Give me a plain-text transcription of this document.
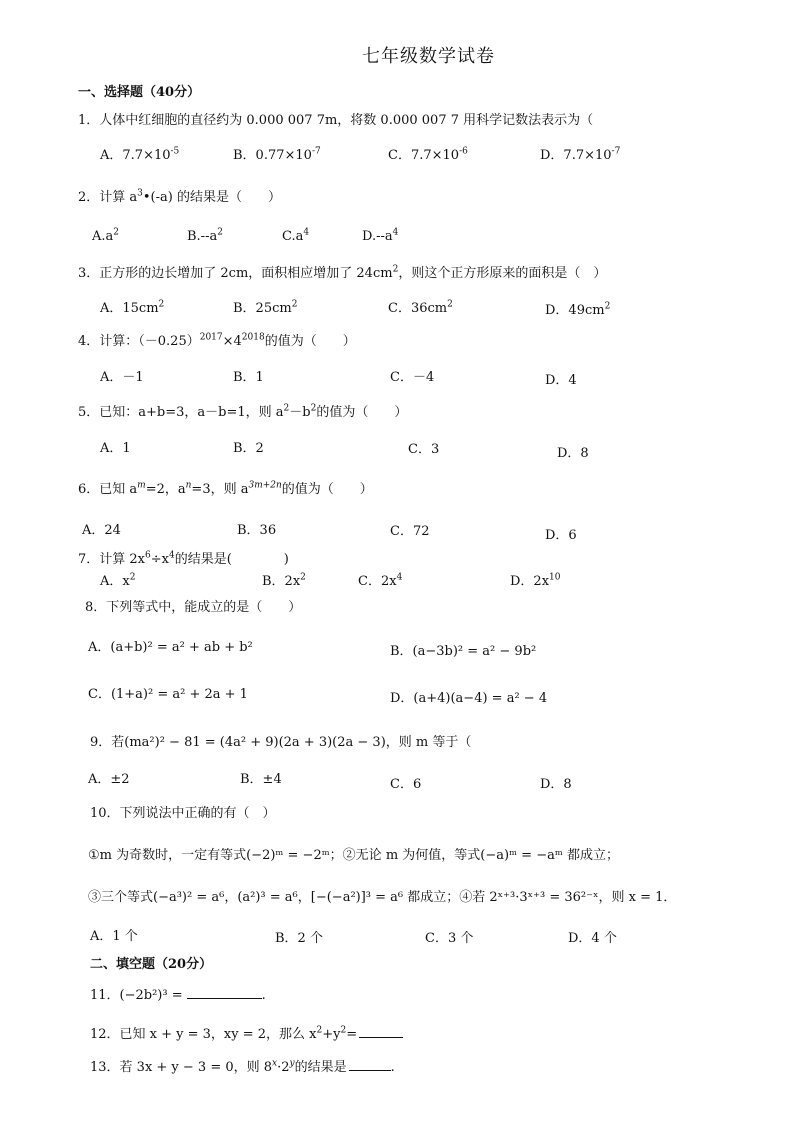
七年级数学试卷
一、选择题（40分）
1．人体中红细胞的直径约为 0.000 007 7m，将数 0.000 007 7 用科学记数法表示为（
A．$7.7\times 10^{-5}$	B．$0.77\times 10^{-7}$	C．$7.7\times 10^{-6}$	D．$7.7\times 10^{-7}$
2．计算 $a^3•(-a)$ 的结果是（　　）
$A.a^2$	$B.--a^2$	$C.a^4$	$D.--a^4$
3．正方形的边长增加了 2cm，面积相应增加了 $24cm^2$，则这个正方形原来的面积是（　）
A．$15cm^2$	B．$25cm^2$	C．$36cm^2$	D．$49cm^2$
4．计算：$(-0.25)^{2017}\times 4^{2018}$的值为（　　）
A．－1	B．1	C．－4	D．4
5．已知：a+b=3，a－b=1，则 $a^2-b^2$的值为（　　）
A．1	B．2	C．3	D．8
6．已知 $a^m=2$，$a^n=3$，则 $a^{3m+2n}$的值为（　　）
A．24	B．36	C．72	D．6
7．计算 $2x^6\div x^4$的结果是(　　　　)
A．$x^2$	B．$2x^2$	C．$2x^4$	D．$2x^{10}$
8．下列等式中，能成立的是（　　）
A．(a+b)² = a² + ab + b²	B．(a−3b)² = a² − 9b²
C．(1+a)² = a² + 2a + 1	D．(a+4)(a−4) = a² − 4
9．若(ma²)² − 81 = (4a² + 9)(2a + 3)(2a − 3)，则 m 等于（
A．±2	B．±4	C．6	D．8
10．下列说法中正确的有（　）
①m 为奇数时，一定有等式(−2)ᵐ = −2ᵐ；②无论 m 为何值，等式(−a)ᵐ = −aᵐ 都成立；
③三个等式(−a³)² = a⁶，(a²)³ = a⁶，[−(−a²)]³ = a⁶ 都成立；④若 2ˣ⁺³·3ˣ⁺³ = 36²⁻ˣ，则 x = 1．
A．1 个	B．2 个	C．3 个	D．4 个
二、填空题（20分）
11．(−2b²)³ =	.
12．已知 x + y = 3，xy = 2，那么 $x^2+y^2=$
13．若 3x + y − 3 = 0，则 $8^x\cdot 2^y$的结果是	.
